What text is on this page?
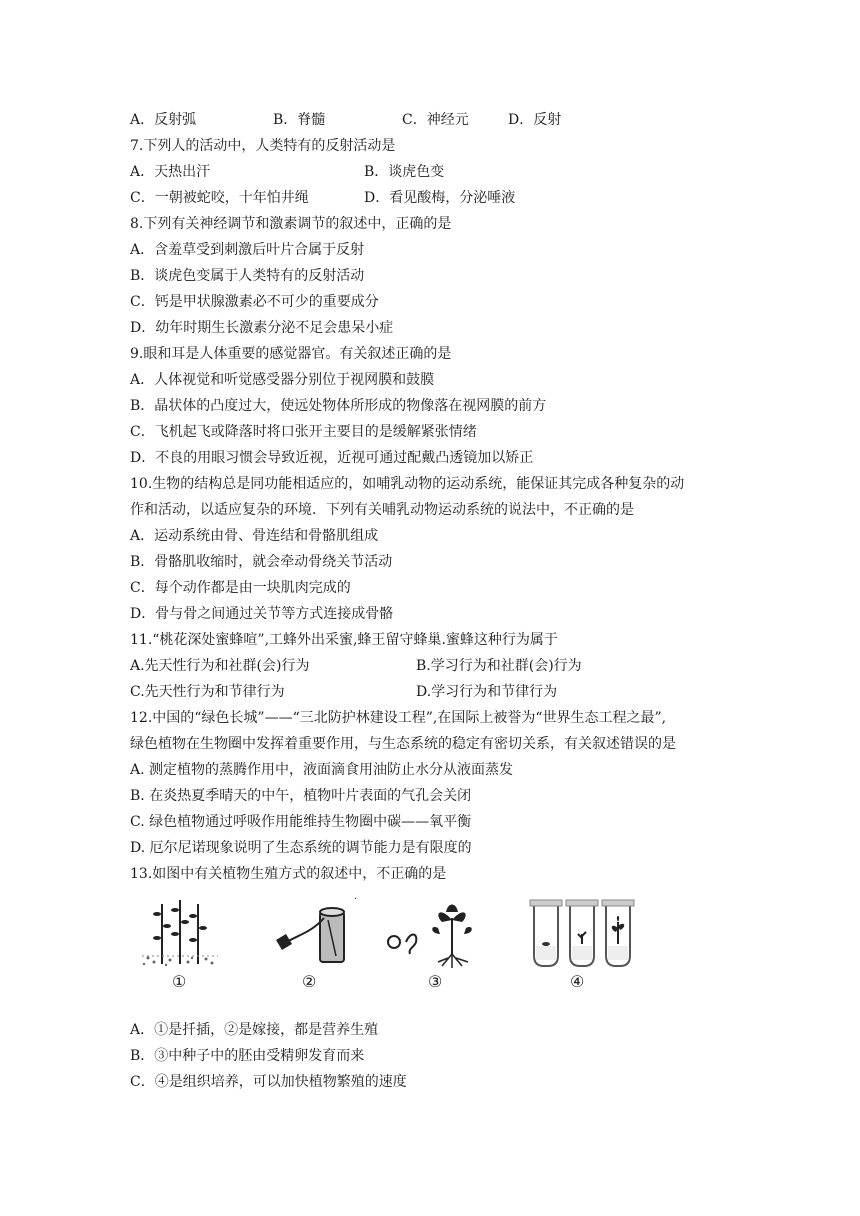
A．反射弧	B．脊髓	C．神经元	D．反射
7.下列人的活动中，人类特有的反射活动是
A．天热出汗	B．谈虎色变
C．一朝被蛇咬，十年怕井绳	D．看见酸梅，分泌唾液
8.下列有关神经调节和激素调节的叙述中，正确的是
A．含羞草受到刺激后叶片合属于反射
B．谈虎色变属于人类特有的反射活动
C．钙是甲状腺激素必不可少的重要成分
D．幼年时期生长激素分泌不足会患呆小症
9.眼和耳是人体重要的感觉器官。有关叙述正确的是
A．人体视觉和听觉感受器分别位于视网膜和鼓膜
B．晶状体的凸度过大，使远处物体所形成的物像落在视网膜的前方
C．飞机起飞或降落时将口张开主要目的是缓解紧张情绪
D．不良的用眼习惯会导致近视，近视可通过配戴凸透镜加以矫正
10.生物的结构总是同功能相适应的，如哺乳动物的运动系统，能保证其完成各种复杂的动
作和活动，以适应复杂的环境．下列有关哺乳动物运动系统的说法中，不正确的是
A．运动系统由骨、骨连结和骨骼肌组成
B．骨骼肌收缩时，就会牵动骨绕关节活动
C．每个动作都是由一块肌肉完成的
D．骨与骨之间通过关节等方式连接成骨骼
11.“桃花深处蜜蜂喧”,工蜂外出采蜜,蜂王留守蜂巢.蜜蜂这种行为属于
A.先天性行为和社群(会)行为	B.学习行为和社群(会)行为
C.先天性行为和节律行为	D.学习行为和节律行为
12.中国的“绿色长城”——“三北防护林建设工程”,在国际上被誉为“世界生态工程之最”,
绿色植物在生物圈中发挥着重要作用，与生态系统的稳定有密切关系，有关叙述错误的是
A. 测定植物的蒸腾作用中，液面滴食用油防止水分从液面蒸发
B. 在炎热夏季晴天的中午，植物叶片表面的气孔会关闭
C. 绿色植物通过呼吸作用能维持生物圈中碳——氧平衡
D. 厄尔尼诺现象说明了生态系统的调节能力是有限度的
13.如图中有关植物生殖方式的叙述中，不正确的是
·
①	②	③	④
A．①是扦插，②是嫁接，都是营养生殖
B．③中种子中的胚由受精卵发育而来
C．④是组织培养，可以加快植物繁殖的速度
